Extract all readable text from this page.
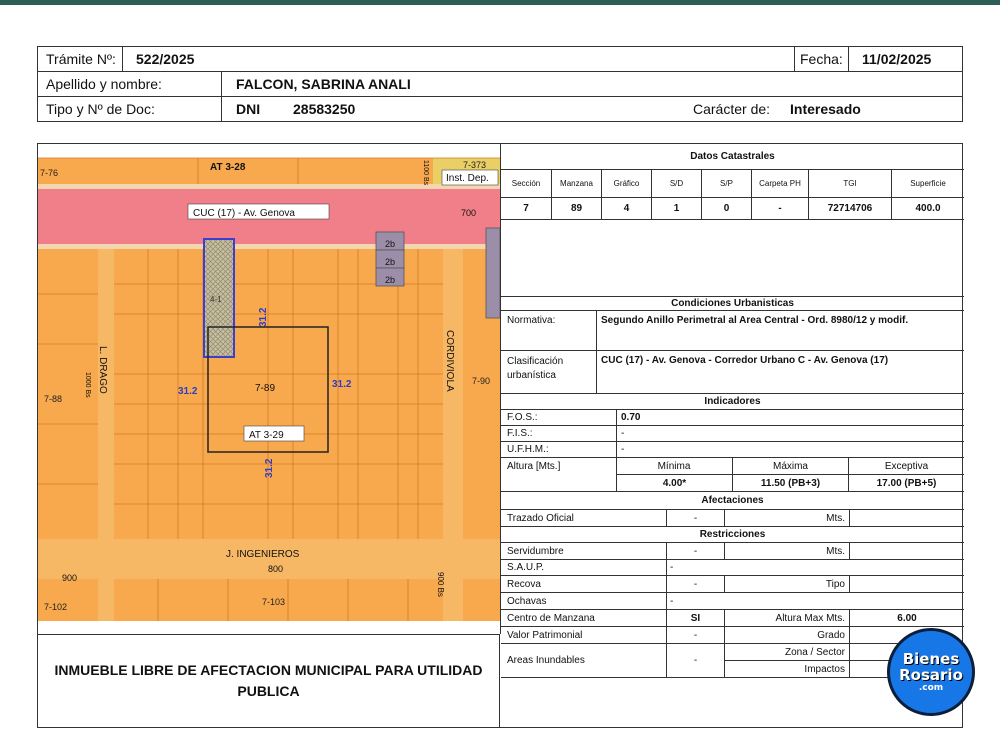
Trámite Nº: 522/2025	Fecha: 11/02/2025
Apellido y nombre:	FALCON, SABRINA ANALI
Tipo y Nº de Doc:	DNI 28583250	Carácter de: Interesado
7-76	AT 3-28	7-373
Inst. Dep.
1100 Bs
CUC (17) - Av. Genova	700
2b
2b
2b
4-1
31.2
L. DRAGO
1000 Bs
7-88
31.2	7-89	31.2
AT 3-29
31.2
CORDIVIOLA 7-90
J. INGENIEROS
800
900	900 Bs
7-102	7-103
INMUEBLE LIBRE DE AFECTACION MUNICIPAL PARA UTILIDAD PUBLICA
Datos Catastrales
Sección	Manzana	Gráfico	S/D	S/P	Carpeta PH	TGI	Superficie
7	89	4	1	0	-	72714706	400.0
Condiciones Urbanisticas
Normativa:	Segundo Anillo Perimetral al Area Central - Ord. 8980/12 y modif.
Clasificación urbanística
CUC (17) - Av. Genova - Corredor Urbano C - Av. Genova (17)
Indicadores
F.O.S.:	0.70
F.I.S.:	-
U.F.H.M.:	-
Altura [Mts.]	Mínima	Máxima	Exceptiva
4.00*	11.50 (PB+3)	17.00 (PB+5)
Afectaciones
Trazado Oficial	-	Mts.
Restricciones
Servidumbre	-	Mts.
S.A.U.P.	-
Recova	-	Tipo
Ochavas	-
Centro de Manzana	SI	Altura Max Mts.	6.00
Valor Patrimonial	-	Grado
Areas Inundables	-
Zona / Sector
Impactos
Bienes
Rosario
.com
